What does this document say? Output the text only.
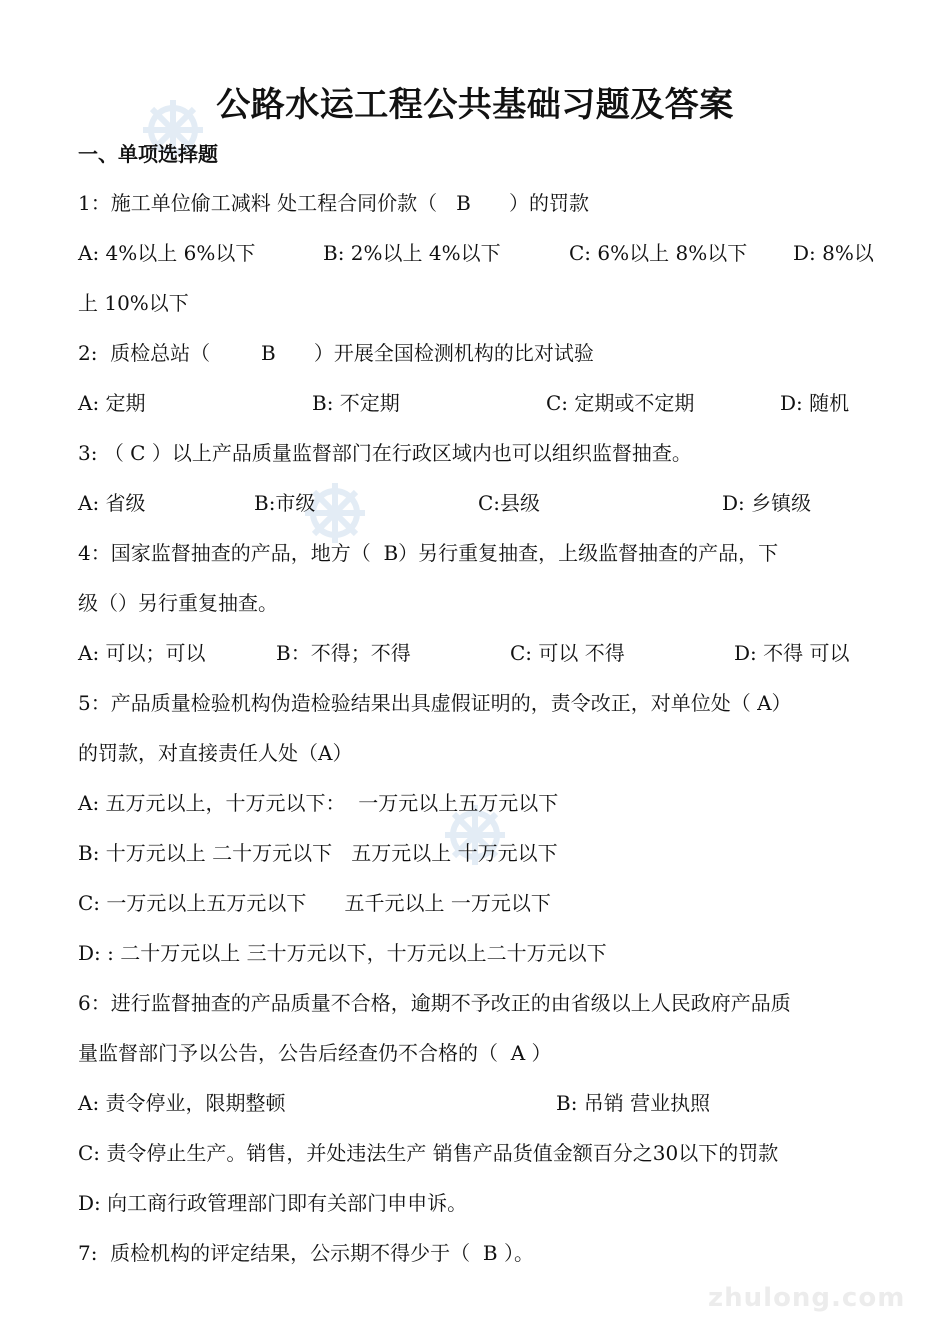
公路水运工程公共基础习题及答案
一、单项选择题
1：施工单位偷工减料 处工程合同价款（   B      ）的罚款
A: 4%以上 6%以下	B: 2%以上 4%以下	C: 6%以上 8%以下 D: 8%以
上 10%以下
2:  质检总站（        B      ）开展全国检测机构的比对试验
A: 定期	B: 不定期	C: 定期或不定期	D: 随机
3: （ C ）以上产品质量监督部门在行政区域内也可以组织监督抽查。
A: 省级	B:市级	C:县级	D: 乡镇级
4：国家监督抽查的产品，地方（  B）另行重复抽查，上级监督抽查的产品，下
级（）另行重复抽查。
A: 可以；可以	B：不得；不得	C: 可以 不得	D: 不得 可以
5：产品质量检验机构伪造检验结果出具虚假证明的，责令改正，对单位处（ A）
的罚款，对直接责任人处（A）
A: 五万元以上，十万元以下：  一万元以上五万元以下
B: 十万元以上 二十万元以下   五万元以上 十万元以下
C: 一万元以上五万元以下      五千元以上 一万元以下
D: : 二十万元以上 三十万元以下，十万元以上二十万元以下
6：进行监督抽查的产品质量不合格，逾期不予改正的由省级以上人民政府产品质
量监督部门予以公告，公告后经查仍不合格的（  A ）
A: 责令停业，限期整顿	B: 吊销 营业执照
C: 责令停止生产。销售，并处违法生产 销售产品货值金额百分之30以下的罚款
D: 向工商行政管理部门即有关部门申申诉。
7:  质检机构的评定结果，公示期不得少于（  B ）。
zhulong.com
